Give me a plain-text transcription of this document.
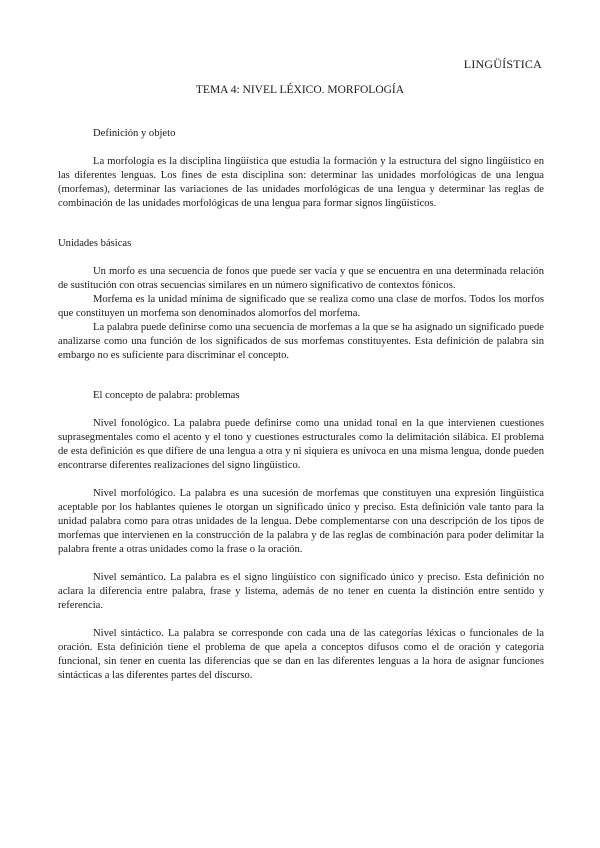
LINGÜÍSTICA
TEMA 4: NIVEL LÉXICO. MORFOLOGÍA

Definición y objeto

La morfología es la disciplina lingüística que estudia la formación y la estructura del signo lingüístico en las diferentes lenguas. Los fines de esta disciplina son: determinar las unidades morfológicas de una lengua (morfemas), determinar las variaciones de las unidades morfológicas de una lengua y determinar las reglas de combinación de las unidades morfológicas de una lengua para formar signos lingüísticos.

Unidades básicas

Un morfo es una secuencia de fonos que puede ser vacía y que se encuentra en una determinada relación de sustitución con otras secuencias similares en un número significativo de contextos fónicos.

Morfema es la unidad mínima de significado que se realiza como una clase de morfos. Todos los morfos que constituyen un morfema son denominados alomorfos del morfema.

La palabra puede definirse como una secuencia de morfemas a la que se ha asignado un significado puede analizarse como una función de los significados de sus morfemas constituyentes. Esta definición de palabra sin embargo no es suficiente para discriminar el concepto.

El concepto de palabra: problemas

Nivel fonológico. La palabra puede definirse como una unidad tonal en la que intervienen cuestiones suprasegmentales como el acento y el tono y cuestiones estructurales como la delimitación silábica. El problema de esta definición es que difiere de una lengua a otra y ni siquiera es unívoca en una misma lengua, donde pueden encontrarse diferentes realizaciones del signo lingüístico.

Nivel morfológico. La palabra es una sucesión de morfemas que constituyen una expresión lingüística aceptable por los hablantes quienes le otorgan un significado único y preciso. Esta definición vale tanto para la unidad palabra como para otras unidades de la lengua. Debe complementarse con una descripción de los tipos de morfemas que intervienen en la construcción de la palabra y de las reglas de combinación para poder delimitar la palabra frente a otras unidades como la frase o la oración.

Nivel semántico. La palabra es el signo lingüístico con significado único y preciso. Esta definición no aclara la diferencia entre palabra, frase y listema, además de no tener en cuenta la distinción entre sentido y referencia.

Nivel sintáctico. La palabra se corresponde con cada una de las categorías léxicas o funcionales de la oración. Esta definición tiene el problema de que apela a conceptos difusos como el de oración y categoría funcional, sin tener en cuenta las diferencias que se dan en las diferentes lenguas a la hora de asignar funciones sintácticas a las diferentes partes del discurso.
